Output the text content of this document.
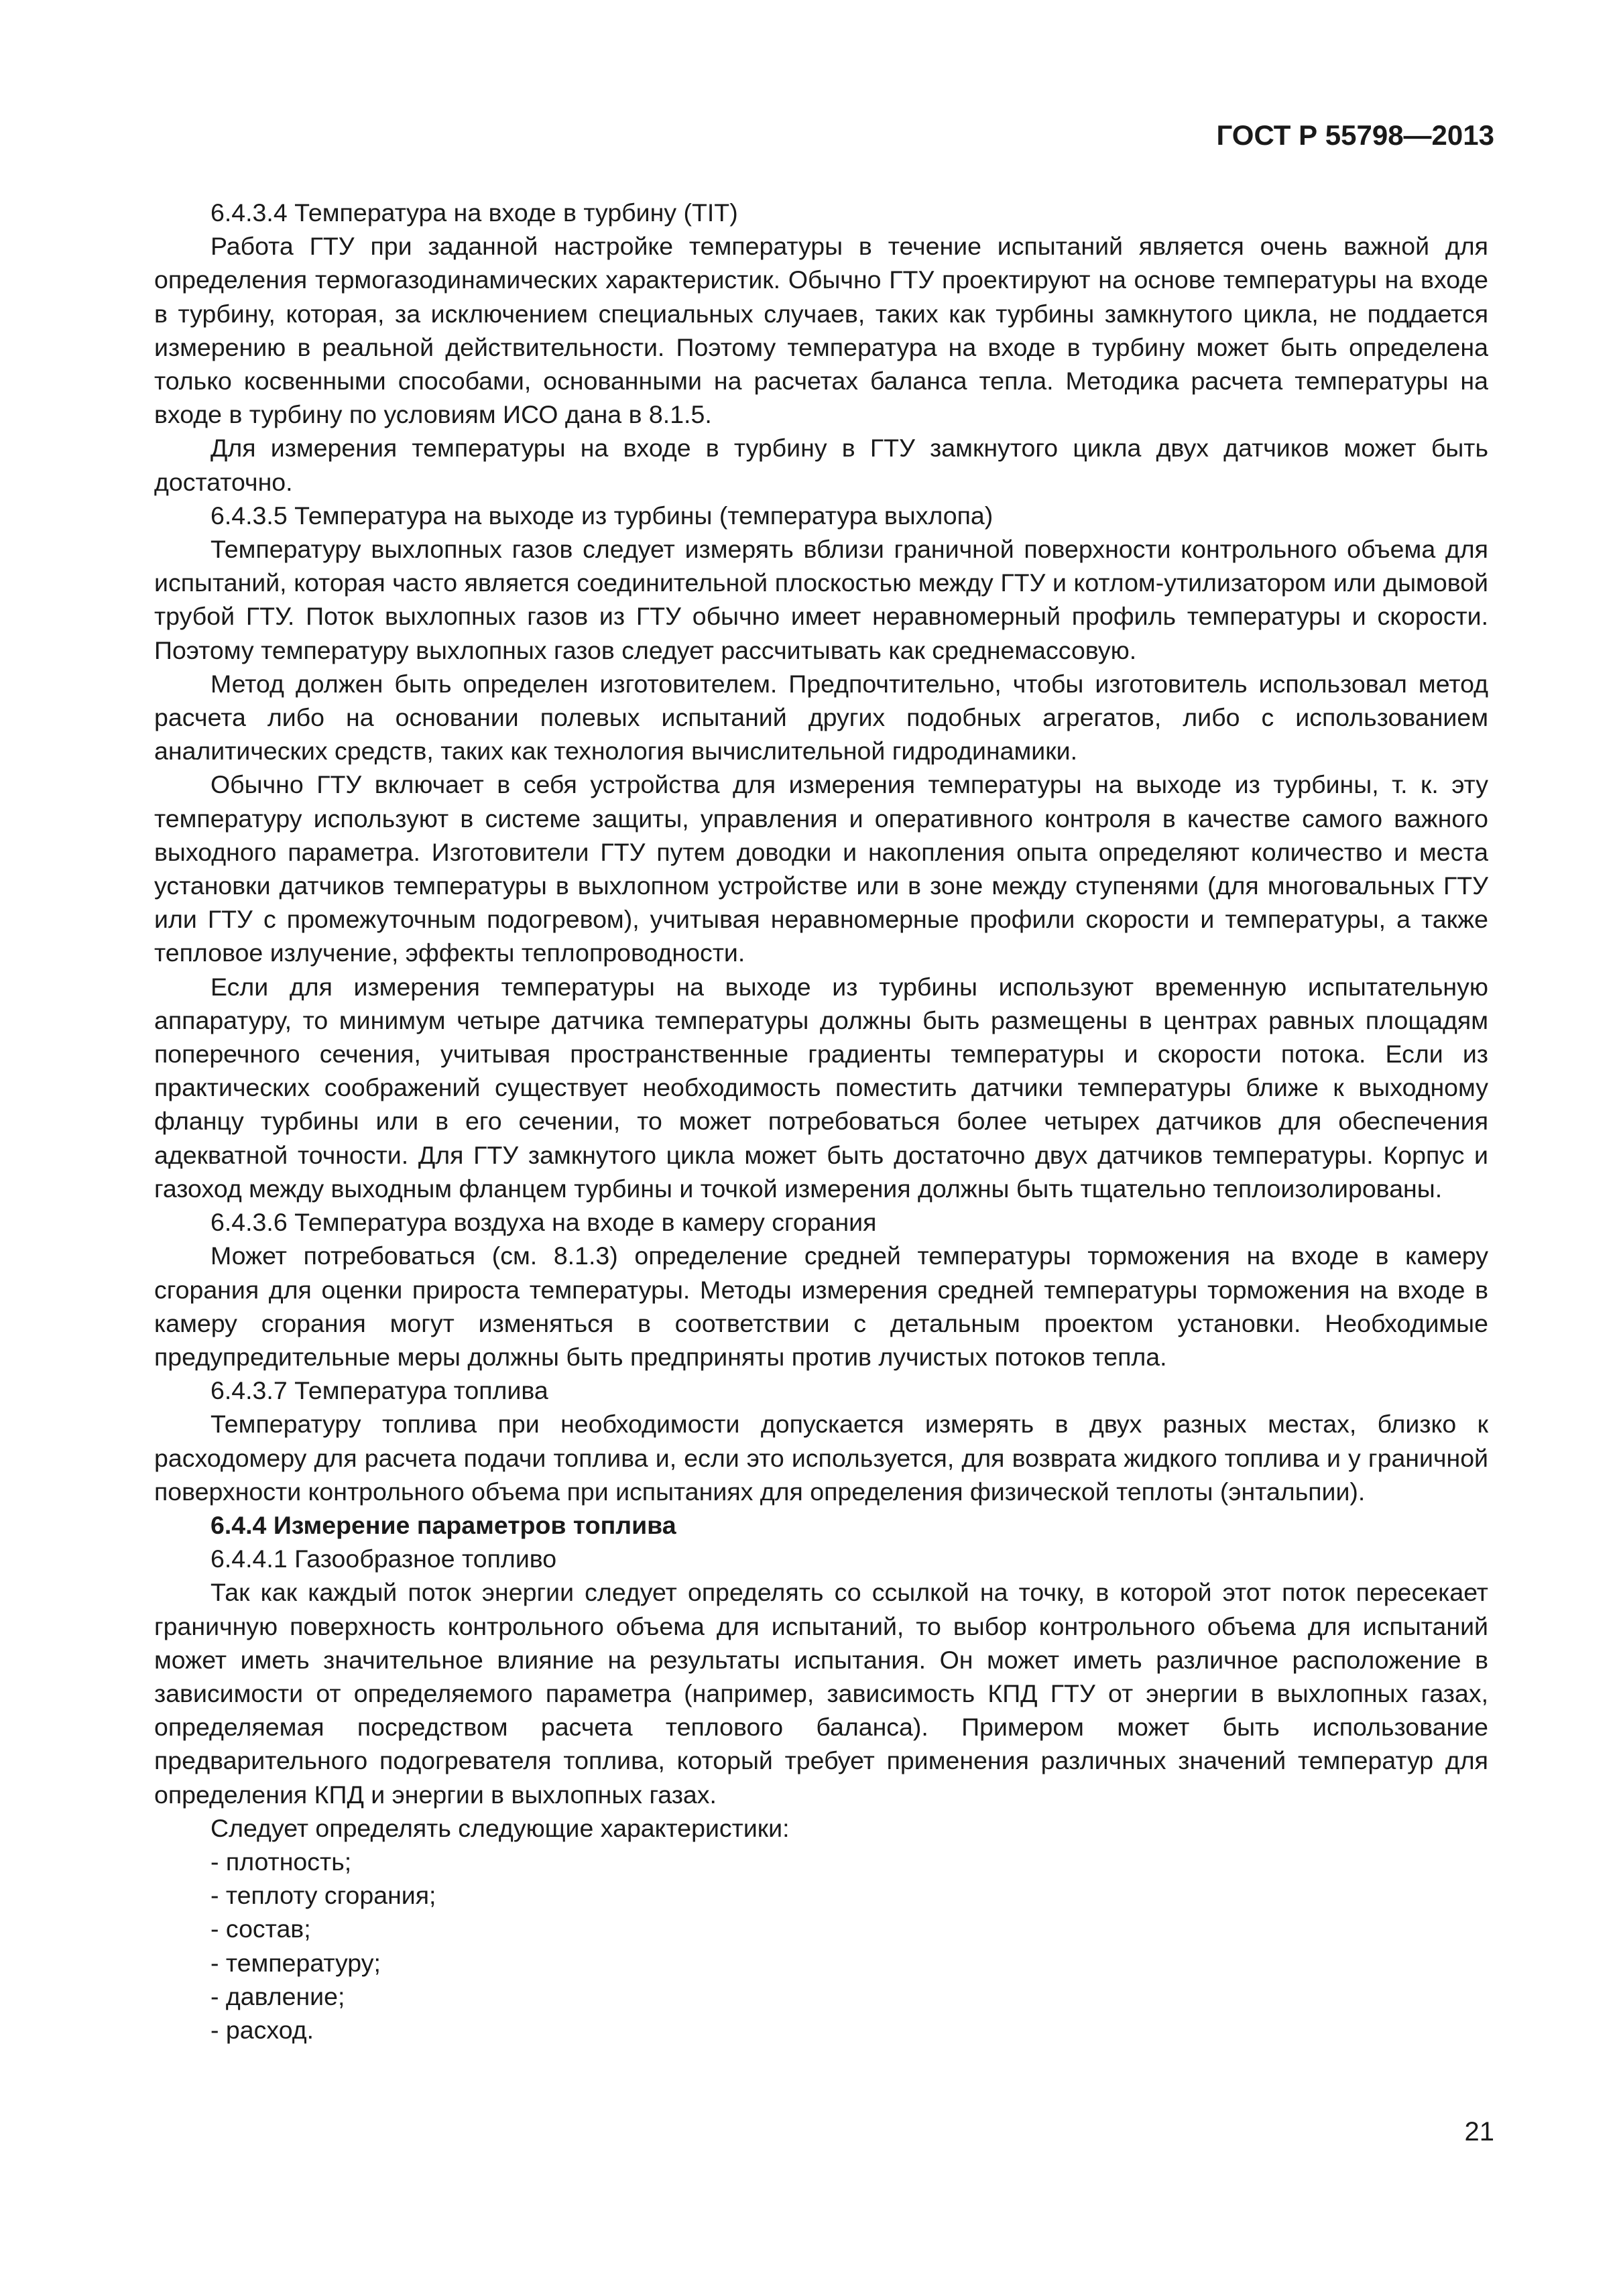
ГОСТ Р 55798—2013

6.4.3.4 Температура на входе в турбину (TIT)

Работа ГТУ при заданной настройке температуры в течение испытаний является очень важной для определения термогазодинамических характеристик. Обычно ГТУ проектируют на основе температуры на входе в турбину, которая, за исключением специальных случаев, таких как турбины замкнутого цикла, не поддается измерению в реальной действительности. Поэтому температура на входе в турбину может быть определена только косвенными способами, основанными на расчетах баланса тепла. Методика расчета температуры на входе в турбину по условиям ИСО дана в 8.1.5.

Для измерения температуры на входе в турбину в ГТУ замкнутого цикла двух датчиков может быть достаточно.

6.4.3.5 Температура на выходе из турбины (температура выхлопа)

Температуру выхлопных газов следует измерять вблизи граничной поверхности контрольного объема для испытаний, которая часто является соединительной плоскостью между ГТУ и котлом-утилизатором или дымовой трубой ГТУ. Поток выхлопных газов из ГТУ обычно имеет неравномерный профиль температуры и скорости. Поэтому температуру выхлопных газов следует рассчитывать как среднемассовую.

Метод должен быть определен изготовителем. Предпочтительно, чтобы изготовитель использовал метод расчета либо на основании полевых испытаний других подобных агрегатов, либо с использованием аналитических средств, таких как технология вычислительной гидродинамики.

Обычно ГТУ включает в себя устройства для измерения температуры на выходе из турбины, т. к. эту температуру используют в системе защиты, управления и оперативного контроля в качестве самого важного выходного параметра. Изготовители ГТУ путем доводки и накопления опыта определяют количество и места установки датчиков температуры в выхлопном устройстве или в зоне между ступенями (для многовальных ГТУ или ГТУ с промежуточным подогревом), учитывая неравномерные профили скорости и температуры, а также тепловое излучение, эффекты теплопроводности.

Если для измерения температуры на выходе из турбины используют временную испытательную аппаратуру, то минимум четыре датчика температуры должны быть размещены в центрах равных площадям поперечного сечения, учитывая пространственные градиенты температуры и скорости потока. Если из практических соображений существует необходимость поместить датчики температуры ближе к выходному фланцу турбины или в его сечении, то может потребоваться более четырех датчиков для обеспечения адекватной точности. Для ГТУ замкнутого цикла может быть достаточно двух датчиков температуры. Корпус и газоход между выходным фланцем турбины и точкой измерения должны быть тщательно теплоизолированы.

6.4.3.6 Температура воздуха на входе в камеру сгорания

Может потребоваться (см. 8.1.3) определение средней температуры торможения на входе в камеру сгорания для оценки прироста температуры. Методы измерения средней температуры торможения на входе в камеру сгорания могут изменяться в соответствии с детальным проектом установки. Необходимые предупредительные меры должны быть предприняты против лучистых потоков тепла.

6.4.3.7 Температура топлива

Температуру топлива при необходимости допускается измерять в двух разных местах, близко к расходомеру для расчета подачи топлива и, если это используется, для возврата жидкого топлива и у граничной поверхности контрольного объема при испытаниях для определения физической теплоты (энтальпии).

6.4.4 Измерение параметров топлива

6.4.4.1 Газообразное топливо

Так как каждый поток энергии следует определять со ссылкой на точку, в которой этот поток пересекает граничную поверхность контрольного объема для испытаний, то выбор контрольного объема для испытаний может иметь значительное влияние на результаты испытания. Он может иметь различное расположение в зависимости от определяемого параметра (например, зависимость КПД ГТУ от энергии в выхлопных газах, определяемая посредством расчета теплового баланса). Примером может быть использование предварительного подогревателя топлива, который требует применения различных значений температур для определения КПД и энергии в выхлопных газах.

Следует определять следующие характеристики:

- плотность;
- теплоту сгорания;
- состав;
- температуру;
- давление;
- расход.
21
